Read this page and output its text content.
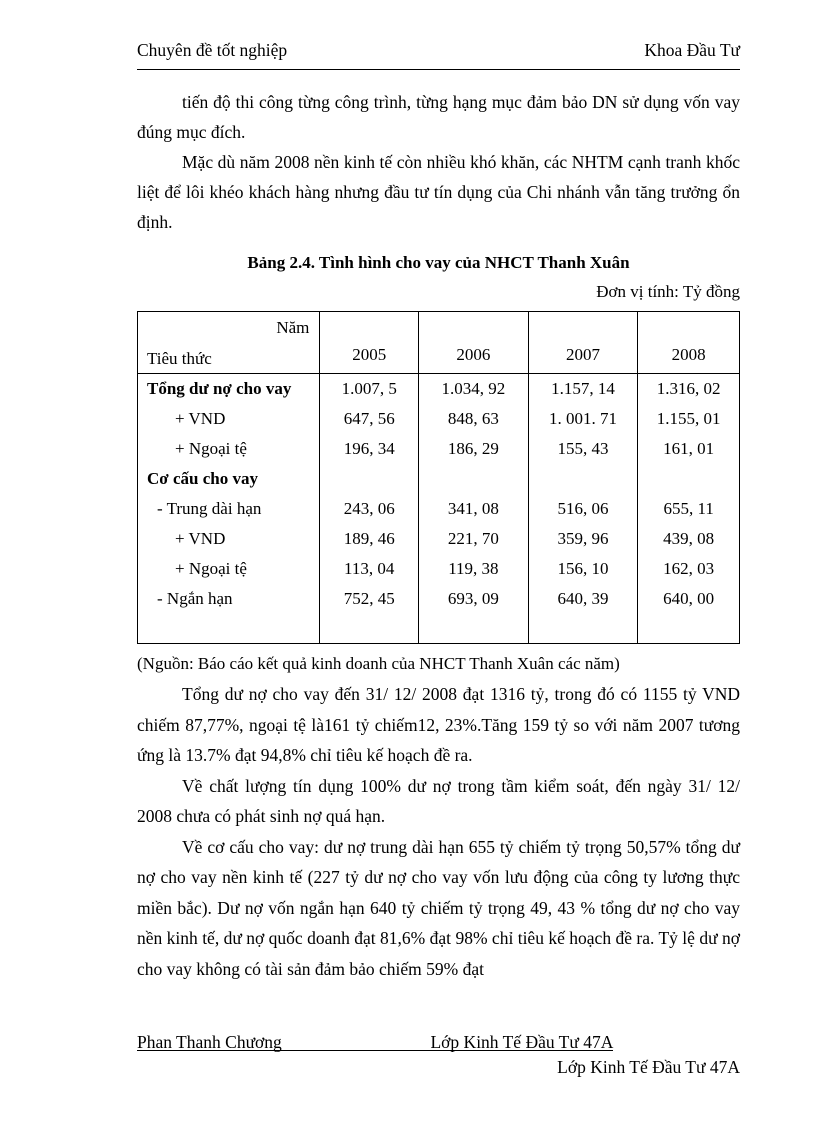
Chuyên đề tốt nghiệp	Khoa Đầu Tư

tiến độ thi công từng công trình, từng hạng mục đảm bảo DN sử dụng vốn vay đúng mục đích.

Mặc dù năm 2008 nền kinh tế còn nhiều khó khăn, các NHTM cạnh tranh khốc liệt để lôi khéo khách hàng nhưng đầu tư tín dụng của Chi nhánh vẫn tăng trưởng ổn định.

Bảng 2.4. Tình hình cho vay của NHCT Thanh Xuân
Đơn vị tính: Tỷ đồng
Năm
Tiêu thức	2005	2006	2007	2008
Tổng dư nợ cho vay	1.007, 5	1.034, 92	1.157, 14	1.316, 02
+ VND	647, 56	848, 63	1. 001. 71	1.155, 01
+ Ngoại tệ	196, 34	186, 29	155, 43	161, 01
Cơ cấu cho vay				
- Trung dài hạn	243, 06	341, 08	516, 06	655, 11
+ VND	189, 46	221, 70	359, 96	439, 08
+ Ngoại tệ	113, 04	119, 38	156, 10	162, 03
- Ngắn hạn	752, 45	693, 09	640, 39	640, 00

(Nguồn: Báo cáo kết quả kinh doanh của NHCT Thanh Xuân các năm)

Tổng dư nợ cho vay đến 31/ 12/ 2008 đạt 1316 tỷ, trong đó có 1155 tỷ VND chiếm 87,77%, ngoại tệ là161 tỷ chiếm12, 23%.Tăng 159 tỷ so với năm 2007 tương ứng là 13.7% đạt 94,8% chỉ tiêu kế hoạch đề ra.

Về chất lượng tín dụng 100% dư nợ trong tầm kiểm soát, đến ngày 31/ 12/ 2008 chưa có phát sinh nợ quá hạn.

Về cơ cấu cho vay: dư nợ trung dài hạn 655 tỷ chiếm tỷ trọng 50,57% tổng dư nợ cho vay nền kinh tế (227 tỷ dư nợ cho vay vốn lưu động của công ty lương thực miền bắc). Dư nợ vốn ngắn hạn 640 tỷ chiếm tỷ trọng 49, 43 % tổng dư nợ cho vay nền kinh tế, dư nợ quốc doanh đạt 81,6% đạt 98% chỉ tiêu kế hoạch đề ra. Tỷ lệ dư nợ cho vay không có tài sản đảm bảo chiếm 59% đạt

Phan Thanh Chương	Lớp Kinh Tế Đầu Tư 47A
Lớp Kinh Tế Đầu Tư 47A
